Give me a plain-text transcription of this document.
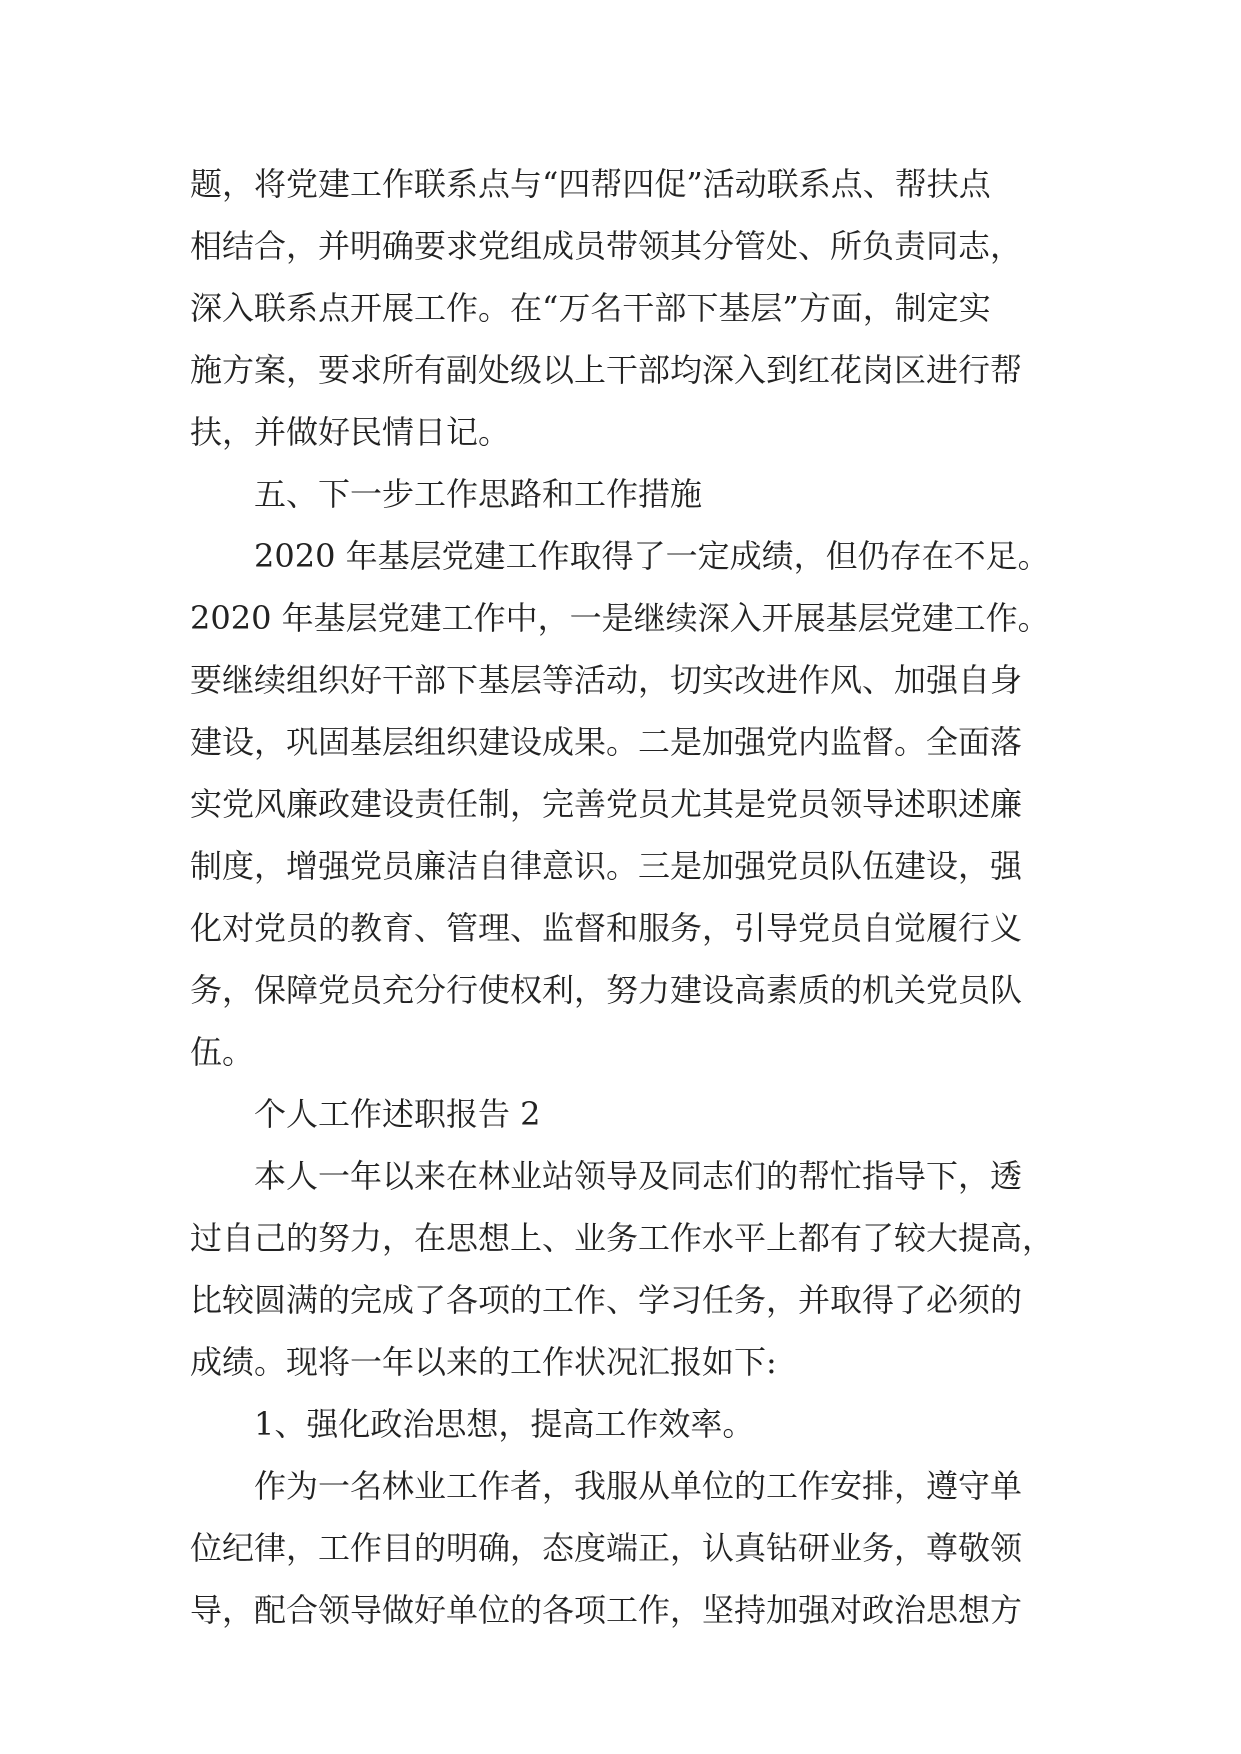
题，将党建工作联系点与“四帮四促”活动联系点、帮扶点
相结合，并明确要求党组成员带领其分管处、所负责同志，
深入联系点开展工作。在“万名干部下基层”方面，制定实
施方案，要求所有副处级以上干部均深入到红花岗区进行帮
扶，并做好民情日记。
五、下一步工作思路和工作措施
2020 年基层党建工作取得了一定成绩，但仍存在不足。
2020 年基层党建工作中，一是继续深入开展基层党建工作。
要继续组织好干部下基层等活动，切实改进作风、加强自身
建设，巩固基层组织建设成果。二是加强党内监督。全面落
实党风廉政建设责任制，完善党员尤其是党员领导述职述廉
制度，增强党员廉洁自律意识。三是加强党员队伍建设，强
化对党员的教育、管理、监督和服务，引导党员自觉履行义
务，保障党员充分行使权利，努力建设高素质的机关党员队
伍。
个人工作述职报告 2
本人一年以来在林业站领导及同志们的帮忙指导下，透
过自己的努力，在思想上、业务工作水平上都有了较大提高，
比较圆满的完成了各项的工作、学习任务，并取得了必须的
成绩。现将一年以来的工作状况汇报如下:
1、强化政治思想，提高工作效率。
作为一名林业工作者，我服从单位的工作安排，遵守单
位纪律，工作目的明确，态度端正，认真钻研业务，尊敬领
导，配合领导做好单位的各项工作，坚持加强对政治思想方
